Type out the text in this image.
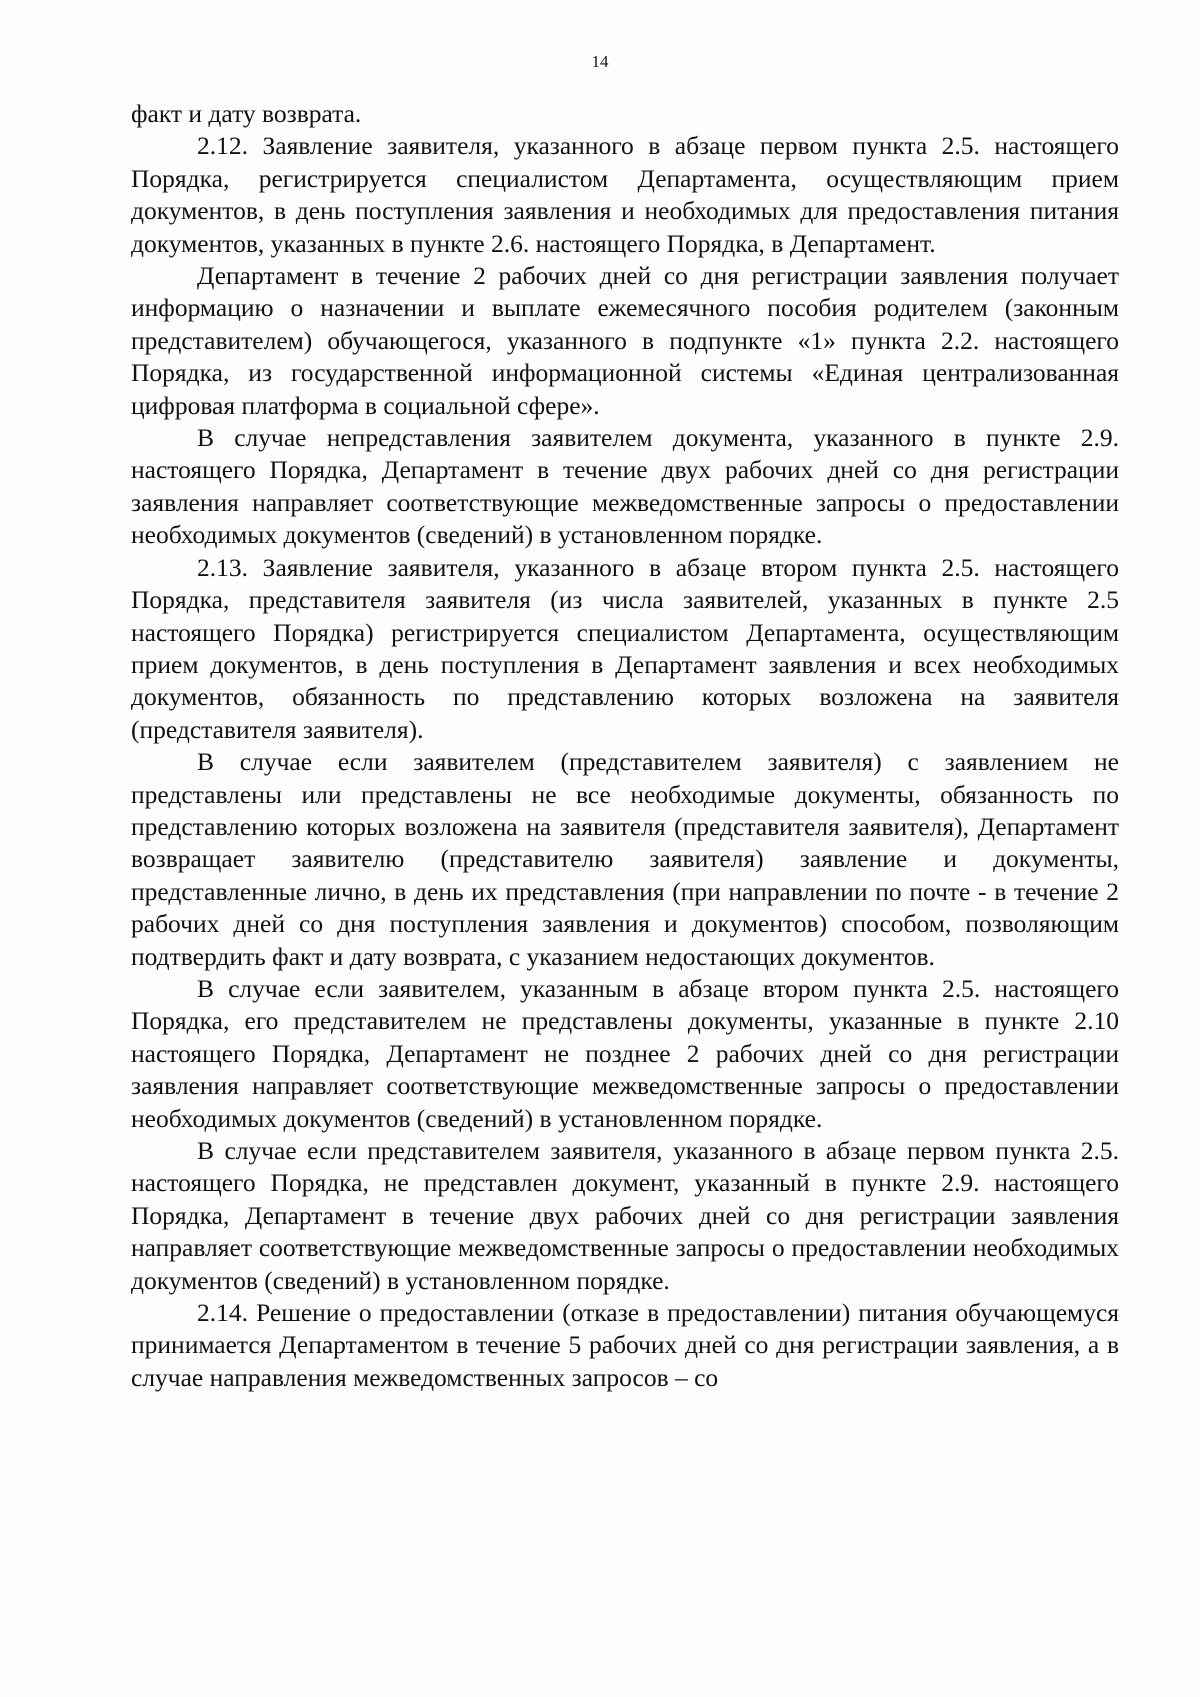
14

факт и дату возврата.

2.12. Заявление заявителя, указанного в абзаце первом пункта 2.5. настоящего Порядка, регистрируется специалистом Департамента, осуществляющим прием документов, в день поступления заявления и необходимых для предоставления питания документов, указанных в пункте 2.6. настоящего Порядка, в Департамент.

Департамент в течение 2 рабочих дней со дня регистрации заявления получает информацию о назначении и выплате ежемесячного пособия родителем (законным представителем) обучающегося, указанного в подпункте «1» пункта 2.2. настоящего Порядка, из государственной информационной системы «Единая централизованная цифровая платформа в социальной сфере».

В случае непредставления заявителем документа, указанного в пункте 2.9. настоящего Порядка, Департамент в течение двух рабочих дней со дня регистрации заявления направляет соответствующие межведомственные запросы о предоставлении необходимых документов (сведений) в установленном порядке.

2.13. Заявление заявителя, указанного в абзаце втором пункта 2.5. настоящего Порядка, представителя заявителя (из числа заявителей, указанных в пункте 2.5 настоящего Порядка) регистрируется специалистом Департамента, осуществляющим прием документов, в день поступления в Департамент заявления и всех необходимых документов, обязанность по представлению которых возложена на заявителя (представителя заявителя).

В случае если заявителем (представителем заявителя) с заявлением не представлены или представлены не все необходимые документы, обязанность по представлению которых возложена на заявителя (представителя заявителя), Департамент возвращает заявителю (представителю заявителя) заявление и документы, представленные лично, в день их представления (при направлении по почте - в течение 2 рабочих дней со дня поступления заявления и документов) способом, позволяющим подтвердить факт и дату возврата, с указанием недостающих документов.

В случае если заявителем, указанным в абзаце втором пункта 2.5. настоящего Порядка, его представителем не представлены документы, указанные в пункте 2.10 настоящего Порядка, Департамент не позднее 2 рабочих дней со дня регистрации заявления направляет соответствующие межведомственные запросы о предоставлении необходимых документов (сведений) в установленном порядке.

В случае если представителем заявителя, указанного в абзаце первом пункта 2.5. настоящего Порядка, не представлен документ, указанный в пункте 2.9. настоящего Порядка, Департамент в течение двух рабочих дней со дня регистрации заявления направляет соответствующие межведомственные запросы о предоставлении необходимых документов (сведений) в установленном порядке.

2.14. Решение о предоставлении (отказе в предоставлении) питания обучающемуся принимается Департаментом в течение 5 рабочих дней со дня регистрации заявления, а в случае направления межведомственных запросов – со
